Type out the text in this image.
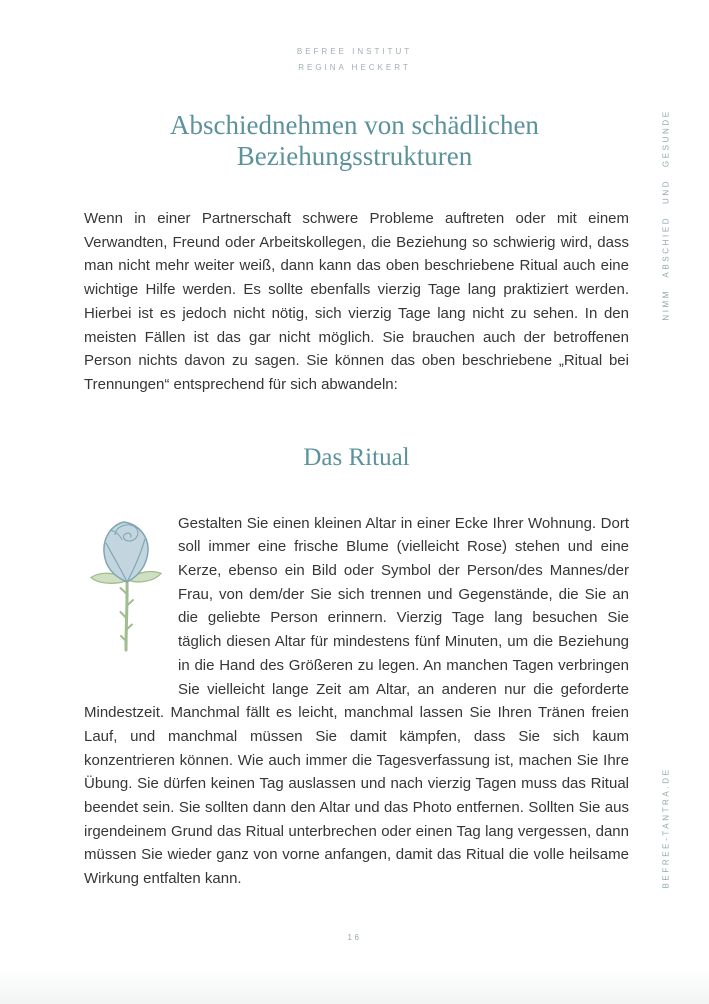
BEFREE INSTITUT
REGINA HECKERT
Abschiednehmen von schädlichen
Beziehungsstrukturen

Wenn in einer Partnerschaft schwere Probleme auftreten oder mit einem Verwandten, Freund oder Arbeitskollegen, die Beziehung so schwierig wird, dass man nicht mehr weiter weiß, dann kann das oben beschriebene Ritual auch eine wichtige Hilfe werden. Es sollte ebenfalls vierzig Tage lang praktiziert werden. Hierbei ist es jedoch nicht nötig, sich vierzig Tage lang nicht zu sehen. In den meisten Fällen ist das gar nicht möglich. Sie brauchen auch der betroffenen Person nichts davon zu sagen. Sie können das oben beschriebene „Ritual bei Trennungen“ entsprechend für sich abwandeln:

Das Ritual

Gestalten Sie einen kleinen Altar in einer Ecke Ihrer Wohnung. Dort soll immer eine frische Blume (vielleicht Rose) stehen und eine Kerze, ebenso ein Bild oder Symbol der Person/des Mannes/der Frau, von dem/der Sie sich trennen und Gegenstände, die Sie an die geliebte Person erinnern. Vierzig Tage lang besuchen Sie täglich diesen Altar für mindestens fünf Minuten, um die Beziehung in die Hand des Größeren zu legen. An manchen Tagen verbringen Sie vielleicht lange Zeit am Altar, an anderen nur die geforderte Mindestzeit. Manchmal fällt es leicht, manchmal lassen Sie Ihren Tränen freien Lauf, und manchmal müssen Sie damit kämpfen, dass Sie sich kaum konzentrieren können. Wie auch immer die Tagesverfassung ist, machen Sie Ihre Übung. Sie dürfen keinen Tag auslassen und nach vierzig Tagen muss das Ritual beendet sein. Sie sollten dann den Altar und das Photo entfernen. Sollten Sie aus irgendeinem Grund das Ritual unterbrechen oder einen Tag lang vergessen, dann müssen Sie wieder ganz von vorne anfangen, damit das Ritual die volle heilsame Wirkung entfalten kann.

NIMM ABSCHIED UND GESUNDE
BEFREE-TANTRA.DE
16
